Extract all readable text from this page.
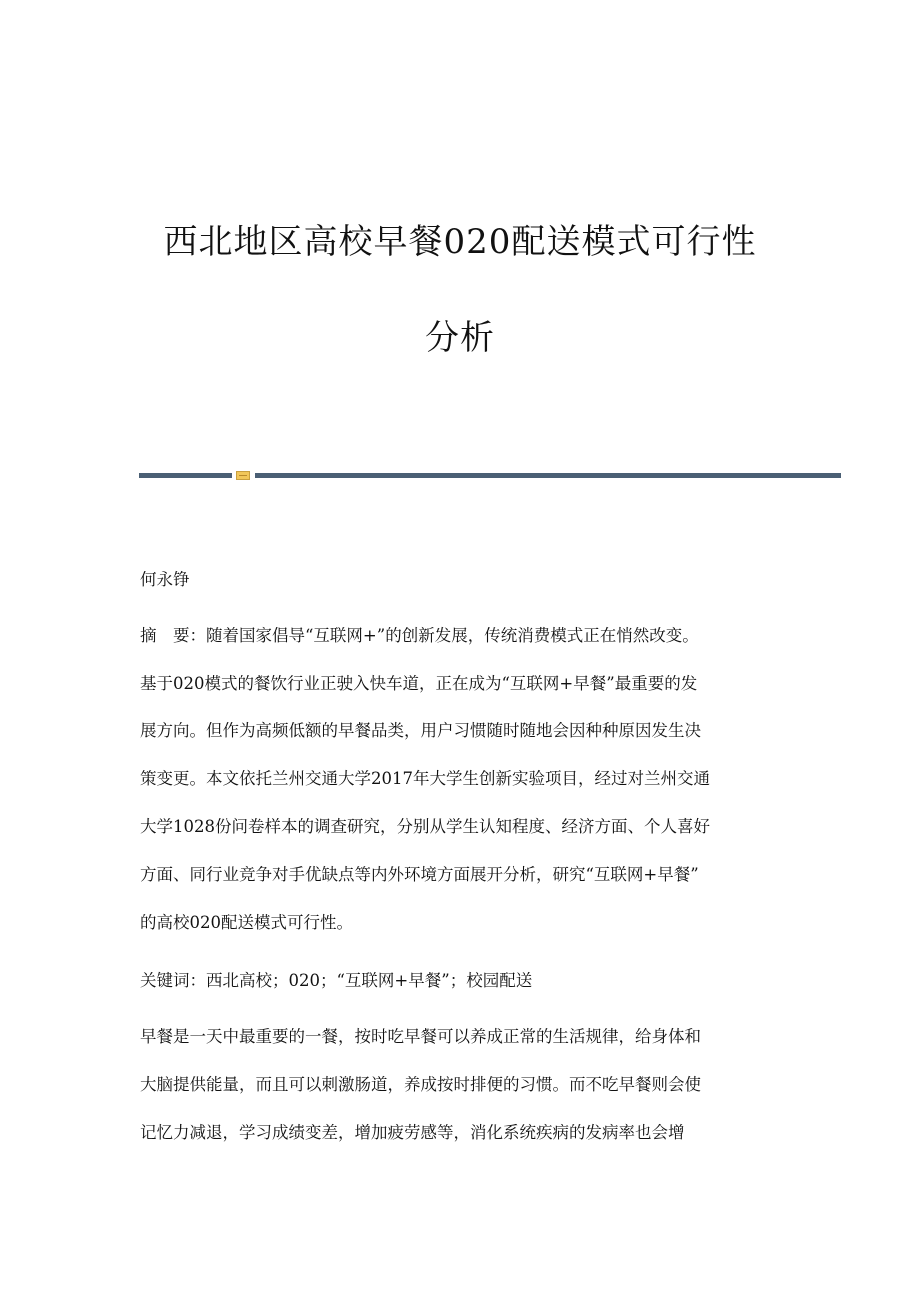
西北地区高校早餐020配送模式可行性
分析

何永铮

摘　要：随着国家倡导“互联网+”的创新发展，传统消费模式正在悄然改变。

基于020模式的餐饮行业正驶入快车道，正在成为“互联网+早餐”最重要的发

展方向。但作为高频低额的早餐品类，用户习惯随时随地会因种种原因发生决

策变更。本文依托兰州交通大学2017年大学生创新实验项目，经过对兰州交通

大学1028份问卷样本的调查研究，分别从学生认知程度、经济方面、个人喜好

方面、同行业竞争对手优缺点等内外环境方面展开分析，研究“互联网+早餐”

的高校020配送模式可行性。

关键词：西北高校；020；“互联网+早餐”；校园配送

早餐是一天中最重要的一餐，按时吃早餐可以养成正常的生活规律，给身体和

大脑提供能量，而且可以刺激肠道，养成按时排便的习惯。而不吃早餐则会使

记忆力减退，学习成绩变差，增加疲劳感等，消化系统疾病的发病率也会增
